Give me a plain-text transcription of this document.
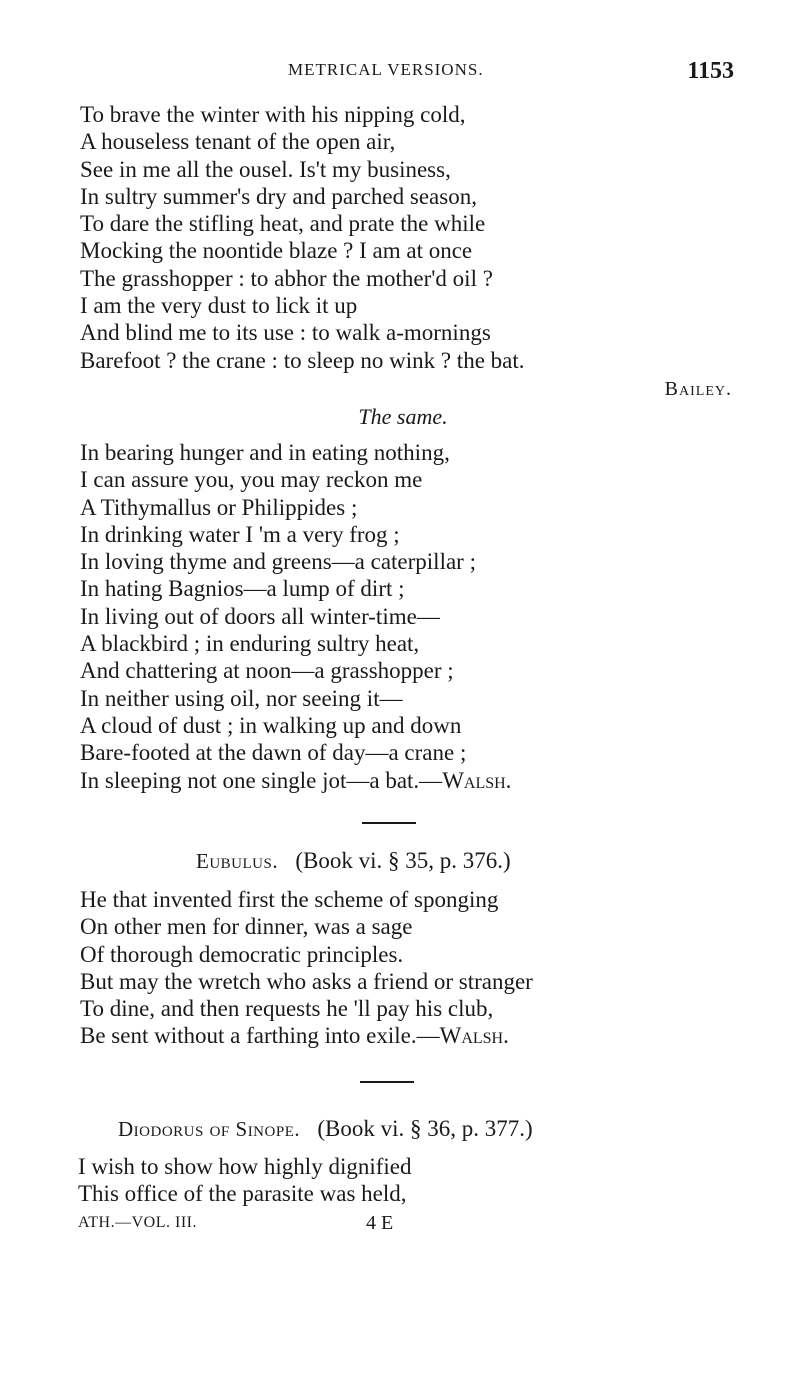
METRICAL VERSIONS.	1153
To brave the winter with his nipping cold,
A houseless tenant of the open air,
See in me all the ousel. Is't my business,
In sultry summer's dry and parched season,
To dare the stifling heat, and prate the while
Mocking the noontide blaze ? I am at once
The grasshopper : to abhor the mother'd oil ?
I am the very dust to lick it up
And blind me to its use : to walk a-mornings
Barefoot ? the crane : to sleep no wink ? the bat.
Bailey.
The same.
In bearing hunger and in eating nothing,
I can assure you, you may reckon me
A Tithymallus or Philippides ;
In drinking water I 'm a very frog ;
In loving thyme and greens—a caterpillar ;
In hating Bagnios—a lump of dirt ;
In living out of doors all winter-time—
A blackbird ; in enduring sultry heat,
And chattering at noon—a grasshopper ;
In neither using oil, nor seeing it—
A cloud of dust ; in walking up and down
Bare-footed at the dawn of day—a crane ;
In sleeping not one single jot—a bat.—Walsh.
Eubulus. (Book vi. § 35, p. 376.)
He that invented first the scheme of sponging
On other men for dinner, was a sage
Of thorough democratic principles.
But may the wretch who asks a friend or stranger
To dine, and then requests he 'll pay his club,
Be sent without a farthing into exile.—Walsh.
Diodorus of Sinope. (Book vi. § 36, p. 377.)
I wish to show how highly dignified
This office of the parasite was held,
ATH.—VOL. III.	4 E
